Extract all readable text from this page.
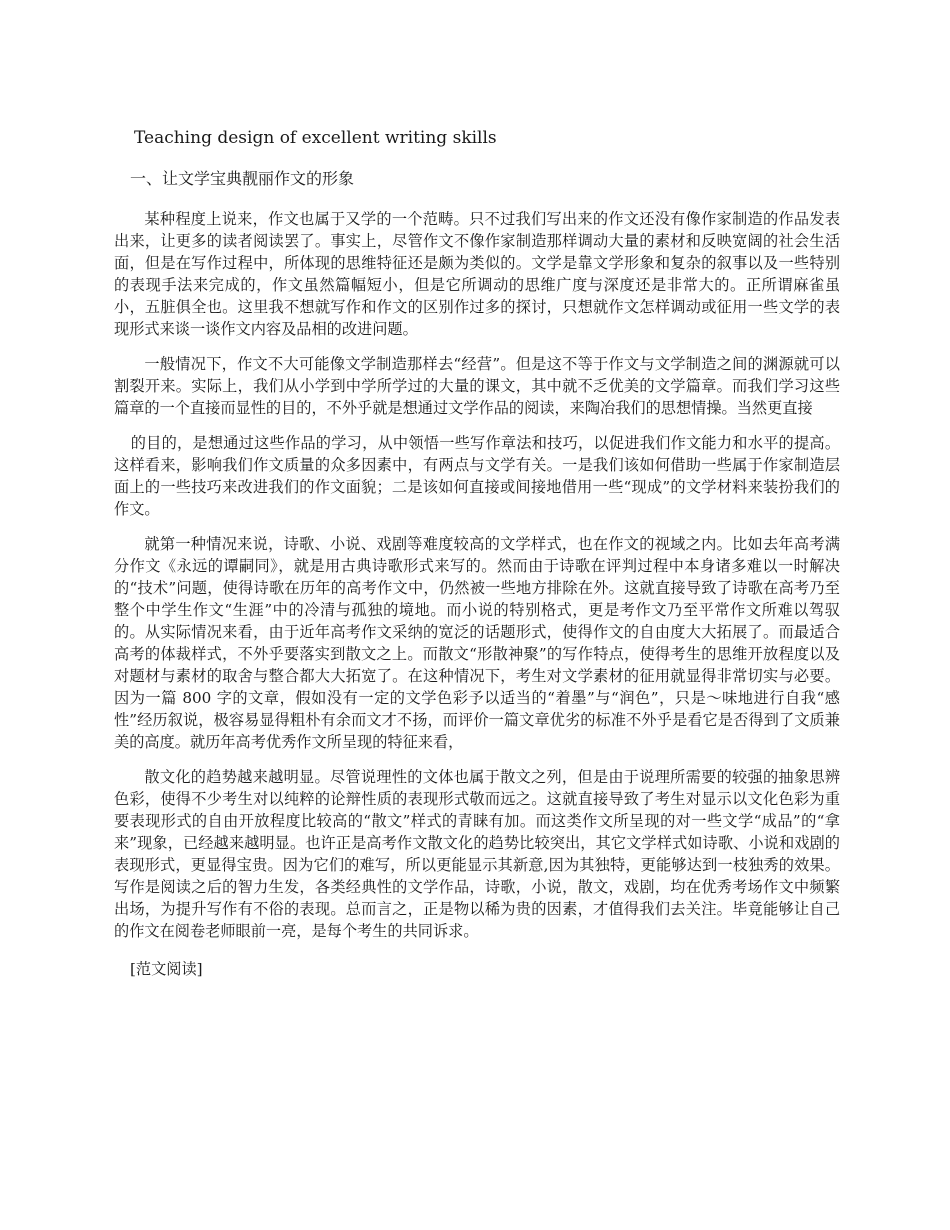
Teaching design of excellent writing skills
一、让文学宝典靓丽作文的形象

某种程度上说来，作文也属于又学的一个范畴。只不过我们写出来的作文还没有像作家制造的作品发表出来，让更多的读者阅读罢了。事实上，尽管作文不像作家制造那样调动大量的素材和反映宽阔的社会生活面，但是在写作过程中，所体现的思维特征还是颇为类似的。文学是靠文学形象和复杂的叙事以及一些特别的表现手法来完成的，作文虽然篇幅短小，但是它所调动的思维广度与深度还是非常大的。正所谓麻雀虽小，五脏俱全也。这里我不想就写作和作文的区别作过多的探讨，只想就作文怎样调动或征用一些文学的表现形式来谈一谈作文内容及品相的改进问题。

一般情况下，作文不大可能像文学制造那样去“经营”。但是这不等于作文与文学制造之间的渊源就可以割裂开来。实际上，我们从小学到中学所学过的大量的课文，其中就不乏优美的文学篇章。而我们学习这些篇章的一个直接而显性的目的，不外乎就是想通过文学作品的阅读，来陶冶我们的思想情操。当然更直接

的目的，是想通过这些作品的学习，从中领悟一些写作章法和技巧，以促进我们作文能力和水平的提高。这样看来，影响我们作文质量的众多因素中，有两点与文学有关。一是我们该如何借助一些属于作家制造层面上的一些技巧来改进我们的作文面貌；二是该如何直接或间接地借用一些“现成”的文学材料来装扮我们的作文。

就第一种情况来说，诗歌、小说、戏剧等难度较高的文学样式，也在作文的视域之内。比如去年高考满分作文《永远的谭嗣同》，就是用古典诗歌形式来写的。然而由于诗歌在评判过程中本身诸多难以一时解决的“技术”问题，使得诗歌在历年的高考作文中，仍然被一些地方排除在外。这就直接导致了诗歌在高考乃至整个中学生作文“生涯”中的冷清与孤独的境地。而小说的特别格式，更是考作文乃至平常作文所难以驾驭的。从实际情况来看，由于近年高考作文采纳的宽泛的话题形式，使得作文的自由度大大拓展了。而最适合高考的体裁样式，不外乎要落实到散文之上。而散文“形散神聚”的写作特点，使得考生的思维开放程度以及对题材与素材的取舍与整合都大大拓宽了。在这种情况下，考生对文学素材的征用就显得非常切实与必要。因为一篇 800 字的文章，假如没有一定的文学色彩予以适当的“着墨”与“润色”，只是～味地进行自我“感性”经历叙说，极容易显得粗朴有余而文才不扬，而评价一篇文章优劣的标准不外乎是看它是否得到了文质兼美的高度。就历年高考优秀作文所呈现的特征来看，

散文化的趋势越来越明显。尽管说理性的文体也属于散文之列，但是由于说理所需要的较强的抽象思辨色彩，使得不少考生对以纯粹的论辩性质的表现形式敬而远之。这就直接导致了考生对显示以文化色彩为重要表现形式的自由开放程度比较高的“散文”样式的青睐有加。而这类作文所呈现的对一些文学“成品”的“拿来”现象，已经越来越明显。也许正是高考作文散文化的趋势比较突出，其它文学样式如诗歌、小说和戏剧的表现形式，更显得宝贵。因为它们的难写，所以更能显示其新意,因为其独特，更能够达到一枝独秀的效果。写作是阅读之后的智力生发，各类经典性的文学作品，诗歌，小说，散文，戏剧，均在优秀考场作文中频繁出场，为提升写作有不俗的表现。总而言之，正是物以稀为贵的因素，才值得我们去关注。毕竟能够让自己的作文在阅卷老师眼前一亮，是每个考生的共同诉求。

[范文阅读]
